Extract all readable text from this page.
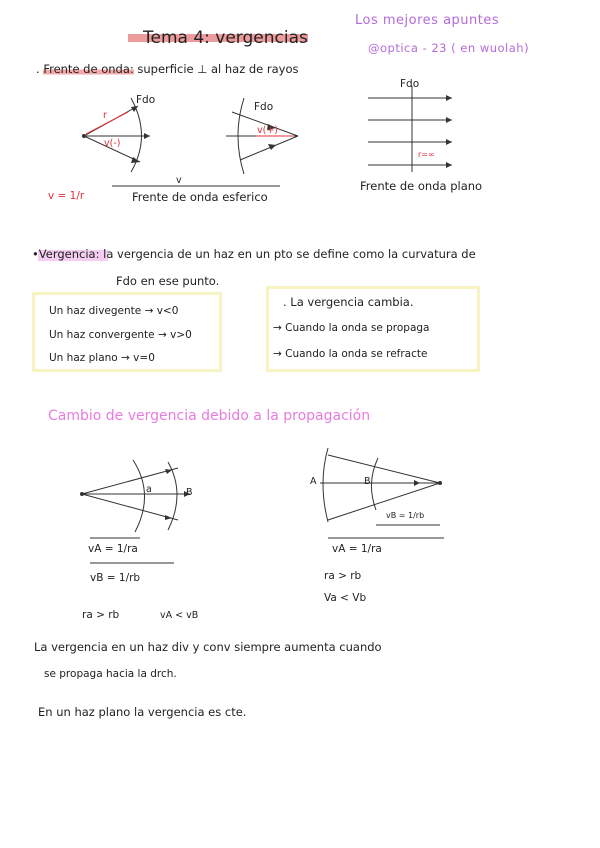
Tema 4: vergencias
Los mejores apuntes
@optica - 23 ( en wuolah)
. Frente de onda: superficie ⊥ al haz de rayos
Fdo
Fdo
r
v(-)
v(+)
v = 1/r
v
Frente de onda esferico
Fdo
r=∞
Frente de onda plano
•Vergencia: la vergencia de un haz en un pto se define como la curvatura de
Fdo en ese punto.
Un haz divegente → v<0
Un haz convergente → v>0
Un haz plano → v=0
. La vergencia cambia.
→ Cuando la onda se propaga
→ Cuando la onda se refracte
Cambio de vergencia debido a la propagación
a	B
vA = 1/ra
vB = 1/rb
ra > rb	vA < vB
A	B
vB = 1/rb
vA = 1/ra
ra > rb
Va < Vb
La vergencia en un haz div y conv siempre aumenta cuando
se propaga hacia la drch.
En un haz plano la vergencia es cte.
